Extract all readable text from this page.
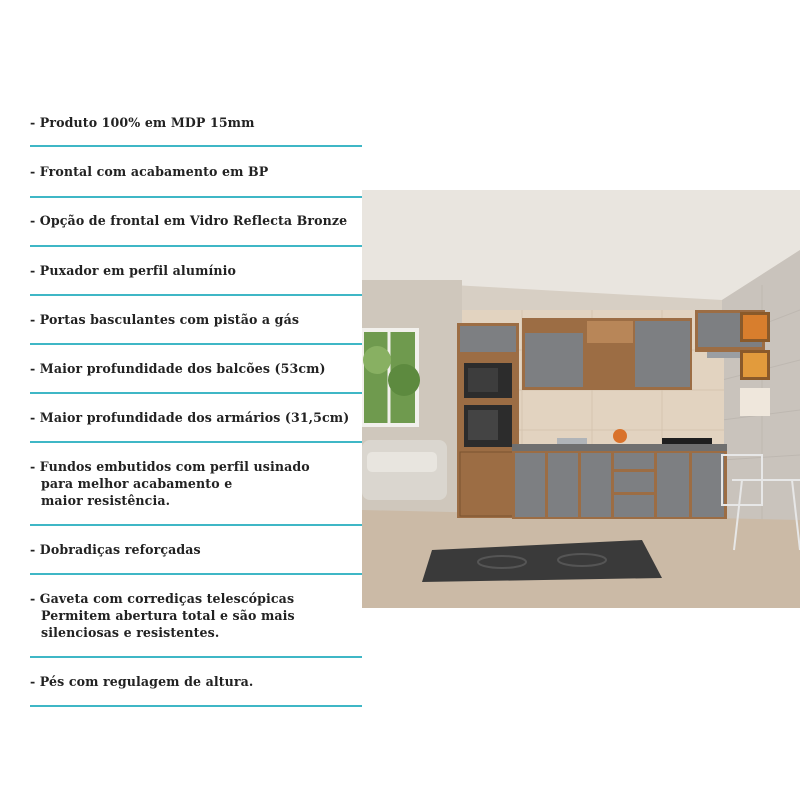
- Produto 100% em MDP 15mm
- Frontal com acabamento em BP
- Opção de frontal em Vidro Reflecta Bronze
- Puxador em perfil alumínio
- Portas basculantes com pistão a gás
- Maior profundidade dos balcões (53cm)
- Maior profundidade dos armários (31,5cm)
- Fundos embutidos com perfil usinado
para melhor acabamento e
maior resistência.
- Dobradiças reforçadas
- Gaveta com corrediças telescópicas
Permitem abertura total e são mais
silenciosas e resistentes.
- Pés com regulagem de altura.
